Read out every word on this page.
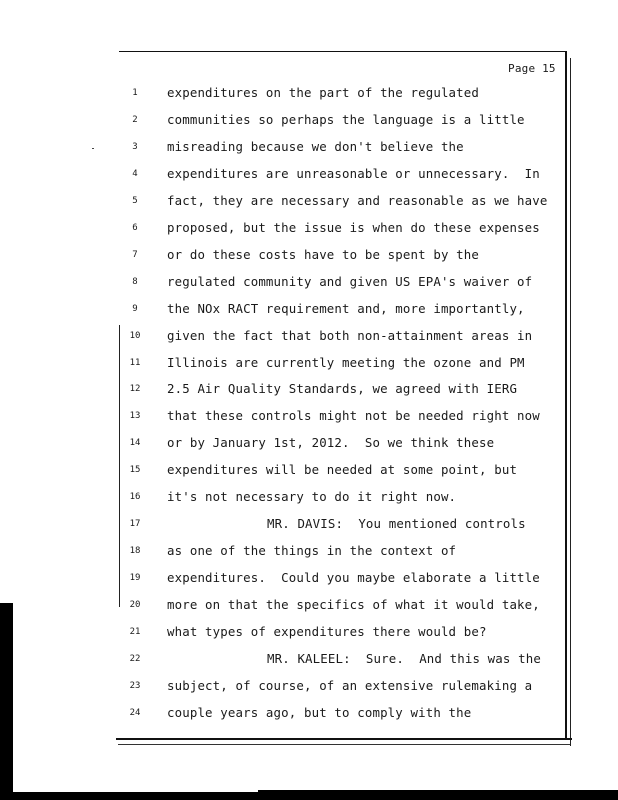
Page 15
1	expenditures on the part of the regulated
2	communities so perhaps the language is a little
3	misreading because we don't believe the
4	expenditures are unreasonable or unnecessary.  In
5	fact, they are necessary and reasonable as we have
6	proposed, but the issue is when do these expenses
7	or do these costs have to be spent by the
8	regulated community and given US EPA's waiver of
9	the NOx RACT requirement and, more importantly,
10 given the fact that both non-attainment areas in
11 Illinois are currently meeting the ozone and PM
12 2.5 Air Quality Standards, we agreed with IERG
13 that these controls might not be needed right now
14 or by January 1st, 2012.  So we think these
15 expenditures will be needed at some point, but
16 it's not necessary to do it right now.
17	MR. DAVIS:  You mentioned controls
18 as one of the things in the context of
19 expenditures.  Could you maybe elaborate a little
20 more on that the specifics of what it would take,
21 what types of expenditures there would be?
22	MR. KALEEL:  Sure.  And this was the
23 subject, of course, of an extensive rulemaking a
24 couple years ago, but to comply with the
